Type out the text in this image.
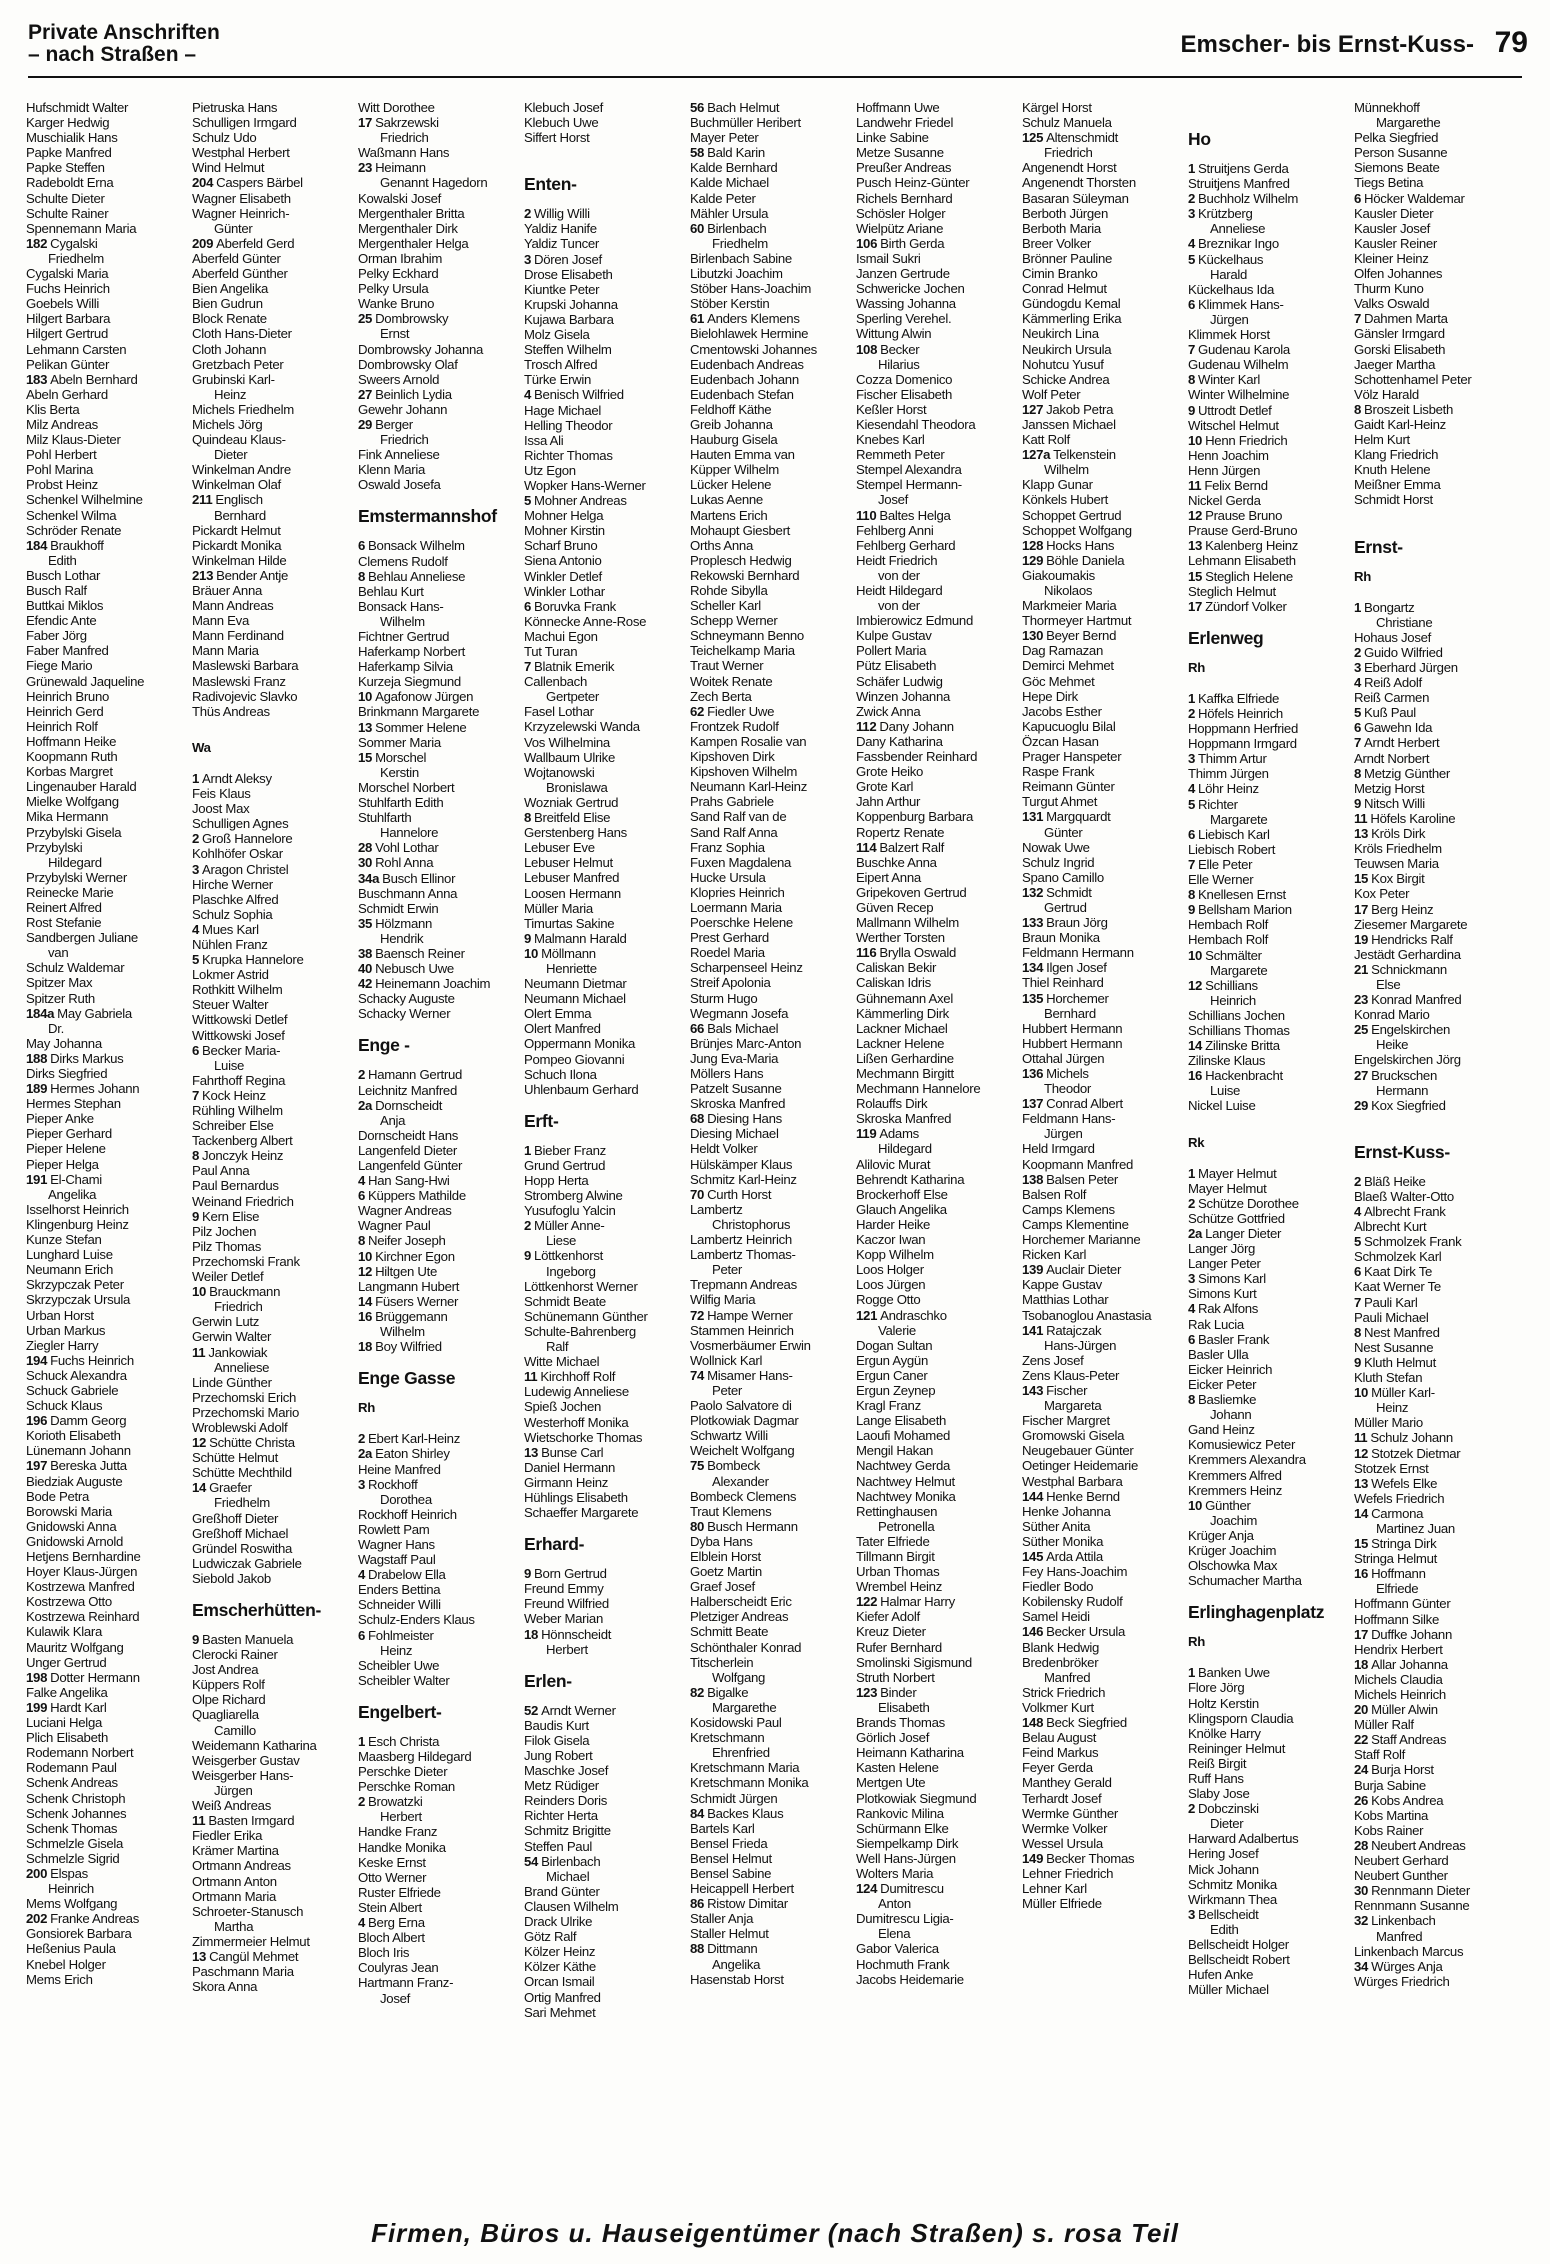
Private Anschriften
– nach Straßen –	Emscher- bis Ernst-Kuss- 79
Hufschmidt Walter
Karger Hedwig
Muschialik Hans
Papke Manfred
Papke Steffen
Radeboldt Erna
Schulte Dieter
Schulte Rainer
Spennemann Maria
182 Cygalski
Friedhelm
Cygalski Maria
Fuchs Heinrich
Goebels Willi
Hilgert Barbara
Hilgert Gertrud
Lehmann Carsten
Pelikan Günter
183 Abeln Bernhard
Abeln Gerhard
Klis Berta
Milz Andreas
Milz Klaus-Dieter
Pohl Herbert
Pohl Marina
Probst Heinz
Schenkel Wilhelmine
Schenkel Wilma
Schröder Renate
184 Braukhoff
Edith
Busch Lothar
Busch Ralf
Buttkai Miklos
Efendic Ante
Faber Jörg
Faber Manfred
Fiege Mario
Grünewald Jaqueline
Heinrich Bruno
Heinrich Gerd
Heinrich Rolf
Hoffmann Heike
Koopmann Ruth
Korbas Margret
Lingenauber Harald
Mielke Wolfgang
Mika Hermann
Przybylski Gisela
Przybylski
Hildegard
Przybylski Werner
Reinecke Marie
Reinert Alfred
Rost Stefanie
Sandbergen Juliane
van
Schulz Waldemar
Spitzer Max
Spitzer Ruth
184a May Gabriela
Dr.
May Johanna
188 Dirks Markus
Dirks Siegfried
189 Hermes Johann
Hermes Stephan
Pieper Anke
Pieper Gerhard
Pieper Helene
Pieper Helga
191 El-Chami
Angelika
Isselhorst Heinrich
Klingenburg Heinz
Kunze Stefan
Lunghard Luise
Neumann Erich
Skrzypczak Peter
Skrzypczak Ursula
Urban Horst
Urban Markus
Ziegler Harry
194 Fuchs Heinrich
Schuck Alexandra
Schuck Gabriele
Schuck Klaus
196 Damm Georg
Korioth Elisabeth
Lünemann Johann
197 Bereska Jutta
Biedziak Auguste
Bode Petra
Borowski Maria
Gnidowski Anna
Gnidowski Arnold
Hetjens Bernhardine
Hoyer Klaus-Jürgen
Kostrzewa Manfred
Kostrzewa Otto
Kostrzewa Reinhard
Kulawik Klara
Mauritz Wolfgang
Unger Gertrud
198 Dotter Hermann
Falke Angelika
199 Hardt Karl
Luciani Helga
Plich Elisabeth
Rodemann Norbert
Rodemann Paul
Schenk Andreas
Schenk Christoph
Schenk Johannes
Schenk Thomas
Schmelzle Gisela
Schmelzle Sigrid
200 Elspas
Heinrich
Mems Wolfgang
202 Franke Andreas
Gonsiorek Barbara
Heßenius Paula
Knebel Holger
Mems Erich
Pietruska Hans
Schulligen Irmgard
Schulz Udo
Westphal Herbert
Wind Helmut
204 Caspers Bärbel
Wagner Elisabeth
Wagner Heinrich-
Günter
209 Aberfeld Gerd
Aberfeld Günter
Aberfeld Günther
Bien Angelika
Bien Gudrun
Block Renate
Cloth Hans-Dieter
Cloth Johann
Gretzbach Peter
Grubinski Karl-
Heinz
Michels Friedhelm
Michels Jörg
Quindeau Klaus-
Dieter
Winkelman Andre
Winkelman Olaf
211 Englisch
Bernhard
Pickardt Helmut
Pickardt Monika
Winkelman Hilde
213 Bender Antje
Bräuer Anna
Mann Andreas
Mann Eva
Mann Ferdinand
Mann Maria
Maslewski Barbara
Maslewski Franz
Radivojevic Slavko
Thüs Andreas
Wa
1 Arndt Aleksy
Feis Klaus
Joost Max
Schulligen Agnes
2 Groß Hannelore
Kohlhöfer Oskar
3 Aragon Christel
Hirche Werner
Plaschke Alfred
Schulz Sophia
4 Mues Karl
Nühlen Franz
5 Krupka Hannelore
Lokmer Astrid
Rothkitt Wilhelm
Steuer Walter
Wittkowski Detlef
Wittkowski Josef
6 Becker Maria-
Luise
Fahrthoff Regina
7 Kock Heinz
Rühling Wilhelm
Schreiber Else
Tackenberg Albert
8 Jonczyk Heinz
Paul Anna
Paul Bernardus
Weinand Friedrich
9 Kern Elise
Pilz Jochen
Pilz Thomas
Przechomski Frank
Weiler Detlef
10 Brauckmann
Friedrich
Gerwin Lutz
Gerwin Walter
11 Jankowiak
Anneliese
Linde Günther
Przechomski Erich
Przechomski Mario
Wroblewski Adolf
12 Schütte Christa
Schütte Helmut
Schütte Mechthild
14 Graefer
Friedhelm
Greßhoff Dieter
Greßhoff Michael
Gründel Roswitha
Ludwiczak Gabriele
Siebold Jakob
Emscherhütten-
9 Basten Manuela
Clerocki Rainer
Jost Andrea
Küppers Rolf
Olpe Richard
Quagliarella
Camillo
Weidemann Katharina
Weisgerber Gustav
Weisgerber Hans-
Jürgen
Weiß Andreas
11 Basten Irmgard
Fiedler Erika
Krämer Martina
Ortmann Andreas
Ortmann Anton
Ortmann Maria
Schroeter-Stanusch
Martha
Zimmermeier Helmut
13 Cangül Mehmet
Paschmann Maria
Skora Anna
Witt Dorothee
17 Sakrzewski
Friedrich
Waßmann Hans
23 Heimann
Genannt Hagedorn
Kowalski Josef
Mergenthaler Britta
Mergenthaler Dirk
Mergenthaler Helga
Orman Ibrahim
Pelky Eckhard
Pelky Ursula
Wanke Bruno
25 Dombrowsky
Ernst
Dombrowsky Johanna
Dombrowsky Olaf
Sweers Arnold
27 Beinlich Lydia
Gewehr Johann
29 Berger
Friedrich
Fink Anneliese
Klenn Maria
Oswald Josefa
Emstermannshof
6 Bonsack Wilhelm
Clemens Rudolf
8 Behlau Anneliese
Behlau Kurt
Bonsack Hans-
Wilhelm
Fichtner Gertrud
Haferkamp Norbert
Haferkamp Silvia
Kurzeja Siegmund
10 Agafonow Jürgen
Brinkmann Margarete
13 Sommer Helene
Sommer Maria
15 Morschel
Kerstin
Morschel Norbert
Stuhlfarth Edith
Stuhlfarth
Hannelore
28 Vohl Lothar
30 Rohl Anna
34a Busch Ellinor
Buschmann Anna
Schmidt Erwin
35 Hölzmann
Hendrik
38 Baensch Reiner
40 Nebusch Uwe
42 Heinemann Joachim
Schacky Auguste
Schacky Werner
Enge -
2 Hamann Gertrud
Leichnitz Manfred
2a Dornscheidt
Anja
Dornscheidt Hans
Langenfeld Dieter
Langenfeld Günter
4 Han Sang-Hwi
6 Küppers Mathilde
Wagner Andreas
Wagner Paul
8 Neifer Joseph
10 Kirchner Egon
12 Hiltgen Ute
Langmann Hubert
14 Füsers Werner
16 Brüggemann
Wilhelm
18 Boy Wilfried
Enge Gasse
Rh
2 Ebert Karl-Heinz
2a Eaton Shirley
Heine Manfred
3 Rockhoff
Dorothea
Rockhoff Heinrich
Rowlett Pam
Wagner Hans
Wagstaff Paul
4 Drabelow Ella
Enders Bettina
Schneider Willi
Schulz-Enders Klaus
6 Fohlmeister
Heinz
Scheibler Uwe
Scheibler Walter
Engelbert-
1 Esch Christa
Maasberg Hildegard
Perschke Dieter
Perschke Roman
2 Browatzki
Herbert
Handke Franz
Handke Monika
Keske Ernst
Otto Werner
Ruster Elfriede
Stein Albert
4 Berg Erna
Bloch Albert
Bloch Iris
Coulyras Jean
Hartmann Franz-
Josef
Klebuch Josef
Klebuch Uwe
Siffert Horst
Enten-
2 Willig Willi
Yaldiz Hanife
Yaldiz Tuncer
3 Dören Josef
Drose Elisabeth
Kiuntke Peter
Krupski Johanna
Kujawa Barbara
Molz Gisela
Steffen Wilhelm
Trosch Alfred
Türke Erwin
4 Benisch Wilfried
Hage Michael
Helling Theodor
Issa Ali
Richter Thomas
Utz Egon
Wopker Hans-Werner
5 Mohner Andreas
Mohner Helga
Mohner Kirstin
Scharf Bruno
Siena Antonio
Winkler Detlef
Winkler Lothar
6 Boruvka Frank
Könnecke Anne-Rose
Machui Egon
Tut Turan
7 Blatnik Emerik
Callenbach
Gertpeter
Fasel Lothar
Krzyzelewski Wanda
Vos Wilhelmina
Wallbaum Ulrike
Wojtanowski
Bronislawa
Wozniak Gertrud
8 Breitfeld Elise
Gerstenberg Hans
Lebuser Eve
Lebuser Helmut
Lebuser Manfred
Loosen Hermann
Müller Maria
Timurtas Sakine
9 Malmann Harald
10 Möllmann
Henriette
Neumann Dietmar
Neumann Michael
Olert Emma
Olert Manfred
Oppermann Monika
Pompeo Giovanni
Schuch Ilona
Uhlenbaum Gerhard
Erft-
1 Bieber Franz
Grund Gertrud
Hopp Herta
Stromberg Alwine
Yusufoglu Yalcin
2 Müller Anne-
Liese
9 Löttkenhorst
Ingeborg
Löttkenhorst Werner
Schmidt Beate
Schünemann Günther
Schulte-Bahrenberg
Ralf
Witte Michael
11 Kirchhoff Rolf
Ludewig Anneliese
Spieß Jochen
Westerhoff Monika
Wietschorke Thomas
13 Bunse Carl
Daniel Hermann
Girmann Heinz
Hühlings Elisabeth
Schaeffer Margarete
Erhard-
9 Born Gertrud
Freund Emmy
Freund Wilfried
Weber Marian
18 Hönnscheidt
Herbert
Erlen-
52 Arndt Werner
Baudis Kurt
Filok Gisela
Jung Robert
Maschke Josef
Metz Rüdiger
Reinders Doris
Richter Herta
Schmitz Brigitte
Steffen Paul
54 Birlenbach
Michael
Brand Günter
Clausen Wilhelm
Drack Ulrike
Götz Ralf
Kölzer Heinz
Kölzer Käthe
Orcan Ismail
Ortig Manfred
Sari Mehmet
56 Bach Helmut
Buchmüller Heribert
Mayer Peter
58 Bald Karin
Kalde Bernhard
Kalde Michael
Kalde Peter
Mähler Ursula
60 Birlenbach
Friedhelm
Birlenbach Sabine
Libutzki Joachim
Stöber Hans-Joachim
Stöber Kerstin
61 Anders Klemens
Bielohlawek Hermine
Cmentowski Johannes
Eudenbach Andreas
Eudenbach Johann
Eudenbach Stefan
Feldhoff Käthe
Greib Johanna
Hauburg Gisela
Hauten Emma van
Küpper Wilhelm
Lücker Helene
Lukas Aenne
Martens Erich
Mohaupt Giesbert
Orths Anna
Proplesch Hedwig
Rekowski Bernhard
Rohde Sibylla
Scheller Karl
Schepp Werner
Schneymann Benno
Teichelkamp Maria
Traut Werner
Woitek Renate
Zech Berta
62 Fiedler Uwe
Frontzek Rudolf
Kampen Rosalie van
Kipshoven Dirk
Kipshoven Wilhelm
Neumann Karl-Heinz
Prahs Gabriele
Sand Ralf van de
Sand Ralf Anna
Franz Sophia
Fuxen Magdalena
Hucke Ursula
Klopries Heinrich
Loermann Maria
Poerschke Helene
Prest Gerhard
Roedel Maria
Scharpenseel Heinz
Streif Apolonia
Sturm Hugo
Wegmann Josefa
66 Bals Michael
Brünjes Marc-Anton
Jung Eva-Maria
Möllers Hans
Patzelt Susanne
Skroska Manfred
68 Diesing Hans
Diesing Michael
Heldt Volker
Hülskämper Klaus
Schmitz Karl-Heinz
70 Curth Horst
Lambertz
Christophorus
Lambertz Heinrich
Lambertz Thomas-
Peter
Trepmann Andreas
Wilfig Maria
72 Hampe Werner
Stammen Heinrich
Vosmerbäumer Erwin
Wollnick Karl
74 Misamer Hans-
Peter
Paolo Salvatore di
Plotkowiak Dagmar
Schwartz Willi
Weichelt Wolfgang
75 Bombeck
Alexander
Bombeck Clemens
Traut Klemens
80 Busch Hermann
Dyba Hans
Elblein Horst
Goetz Martin
Graef Josef
Halberscheidt Eric
Pletziger Andreas
Schmitt Beate
Schönthaler Konrad
Titscherlein
Wolfgang
82 Bigalke
Margarethe
Kosidowski Paul
Kretschmann
Ehrenfried
Kretschmann Maria
Kretschmann Monika
Schmidt Jürgen
84 Backes Klaus
Bartels Karl
Bensel Frieda
Bensel Helmut
Bensel Sabine
Heicappell Herbert
86 Ristow Dimitar
Staller Anja
Staller Helmut
88 Dittmann
Angelika
Hasenstab Horst
Hoffmann Uwe
Landwehr Friedel
Linke Sabine
Metze Susanne
Preußer Andreas
Pusch Heinz-Günter
Richels Bernhard
Schösler Holger
Wielpütz Ariane
106 Birth Gerda
Ismail Sukri
Janzen Gertrude
Schwericke Jochen
Wassing Johanna
Sperling Verehel.
Wittung Alwin
108 Becker
Hilarius
Cozza Domenico
Fischer Elisabeth
Keßler Horst
Kiesendahl Theodora
Knebes Karl
Remmeth Peter
Stempel Alexandra
Stempel Hermann-
Josef
110 Baltes Helga
Fehlberg Anni
Fehlberg Gerhard
Heidt Friedrich
von der
Heidt Hildegard
von der
Imbierowicz Edmund
Kulpe Gustav
Pollert Maria
Pütz Elisabeth
Schäfer Ludwig
Winzen Johanna
Zwick Anna
112 Dany Johann
Dany Katharina
Fassbender Reinhard
Grote Heiko
Grote Karl
Jahn Arthur
Koppenburg Barbara
Ropertz Renate
114 Balzert Ralf
Buschke Anna
Eipert Anna
Gripekoven Gertrud
Güven Recep
Mallmann Wilhelm
Werther Torsten
116 Brylla Oswald
Caliskan Bekir
Caliskan Idris
Gühnemann Axel
Kämmerling Dirk
Lackner Michael
Lackner Helene
Lißen Gerhardine
Mechmann Birgitt
Mechmann Hannelore
Rolauffs Dirk
Skroska Manfred
119 Adams
Hildegard
Alilovic Murat
Behrendt Katharina
Brockerhoff Else
Glauch Angelika
Harder Heike
Kaczor Iwan
Kopp Wilhelm
Loos Holger
Loos Jürgen
Rogge Otto
121 Andraschko
Valerie
Dogan Sultan
Ergun Aygün
Ergun Caner
Ergun Zeynep
Kragl Franz
Lange Elisabeth
Laoufi Mohamed
Mengil Hakan
Nachtwey Gerda
Nachtwey Helmut
Nachtwey Monika
Rettinghausen
Petronella
Tater Elfriede
Tillmann Birgit
Urban Thomas
Wrembel Heinz
122 Halmar Harry
Kiefer Adolf
Kreuz Dieter
Rufer Bernhard
Smolinski Sigismund
Struth Norbert
123 Binder
Elisabeth
Brands Thomas
Görlich Josef
Heimann Katharina
Kasten Helene
Mertgen Ute
Plotkowiak Siegmund
Rankovic Milina
Schürmann Elke
Siempelkamp Dirk
Well Hans-Jürgen
Wolters Maria
124 Dumitrescu
Anton
Dumitrescu Ligia-
Elena
Gabor Valerica
Hochmuth Frank
Jacobs Heidemarie
Kärgel Horst
Schulz Manuela
125 Altenschmidt
Friedrich
Angenendt Horst
Angenendt Thorsten
Basaran Süleyman
Berboth Jürgen
Berboth Maria
Breer Volker
Brönner Pauline
Cimin Branko
Conrad Helmut
Gündogdu Kemal
Kämmerling Erika
Neukirch Lina
Neukirch Ursula
Nohutcu Yusuf
Schicke Andrea
Wolf Peter
127 Jakob Petra
Janssen Michael
Katt Rolf
127a Telkenstein
Wilhelm
Klapp Gunar
Könkels Hubert
Schoppet Gertrud
Schoppet Wolfgang
128 Hocks Hans
129 Böhle Daniela
Giakoumakis
Nikolaos
Markmeier Maria
Thormeyer Hartmut
130 Beyer Bernd
Dag Ramazan
Demirci Mehmet
Göc Mehmet
Hepe Dirk
Jacobs Esther
Kapucuoglu Bilal
Özcan Hasan
Prager Hanspeter
Raspe Frank
Reimann Günter
Turgut Ahmet
131 Margquardt
Günter
Nowak Uwe
Schulz Ingrid
Spano Camillo
132 Schmidt
Gertrud
133 Braun Jörg
Braun Monika
Feldmann Hermann
134 Ilgen Josef
Thiel Reinhard
135 Horchemer
Bernhard
Hubbert Hermann
Hubbert Hermann
Ottahal Jürgen
136 Michels
Theodor
137 Conrad Albert
Feldmann Hans-
Jürgen
Held Irmgard
Koopmann Manfred
138 Balsen Peter
Balsen Rolf
Camps Klemens
Camps Klementine
Horchemer Marianne
Ricken Karl
139 Auclair Dieter
Kappe Gustav
Matthias Lothar
Tsobanoglou Anastasia
141 Ratajczak
Hans-Jürgen
Zens Josef
Zens Klaus-Peter
143 Fischer
Margareta
Fischer Margret
Gromowski Gisela
Neugebauer Günter
Oetinger Heidemarie
Westphal Barbara
144 Henke Bernd
Henke Johanna
Süther Anita
Süther Monika
145 Arda Attila
Fey Hans-Joachim
Fiedler Bodo
Kobilensky Rudolf
Samel Heidi
146 Becker Ursula
Blank Hedwig
Bredenbröker
Manfred
Strick Friedrich
Volkmer Kurt
148 Beck Siegfried
Belau August
Feind Markus
Feyer Gerda
Manthey Gerald
Terhardt Josef
Wermke Günther
Wermke Volker
Wessel Ursula
149 Becker Thomas
Lehner Friedrich
Lehner Karl
Müller Elfriede
Ho
1 Struitjens Gerda
Struitjens Manfred
2 Buchholz Wilhelm
3 Krützberg
Anneliese
4 Breznikar Ingo
5 Kückelhaus
Harald
Kückelhaus Ida
6 Klimmek Hans-
Jürgen
Klimmek Horst
7 Gudenau Karola
Gudenau Wilhelm
8 Winter Karl
Winter Wilhelmine
9 Uttrodt Detlef
Witschel Helmut
10 Henn Friedrich
Henn Joachim
Henn Jürgen
11 Felix Bernd
Nickel Gerda
12 Prause Bruno
Prause Gerd-Bruno
13 Kalenberg Heinz
Lehmann Elisabeth
15 Steglich Helene
Steglich Helmut
17 Zündorf Volker
Erlenweg
Rh
1 Kaffka Elfriede
2 Höfels Heinrich
Hoppmann Herfried
Hoppmann Irmgard
3 Thimm Artur
Thimm Jürgen
4 Löhr Heinz
5 Richter
Margarete
6 Liebisch Karl
Liebisch Robert
7 Elle Peter
Elle Werner
8 Knellesen Ernst
9 Bellsham Marion
Hembach Rolf
Hembach Rolf
10 Schmälter
Margarete
12 Schillians
Heinrich
Schillians Jochen
Schillians Thomas
14 Zilinske Britta
Zilinske Klaus
16 Hackenbracht
Luise
Nickel Luise
Rk
1 Mayer Helmut
Mayer Helmut
2 Schütze Dorothee
Schütze Gottfried
2a Langer Dieter
Langer Jörg
Langer Peter
3 Simons Karl
Simons Kurt
4 Rak Alfons
Rak Lucia
6 Basler Frank
Basler Ulla
Eicker Heinrich
Eicker Peter
8 Basliemke
Johann
Gand Heinz
Komusiewicz Peter
Kremmers Alexandra
Kremmers Alfred
Kremmers Heinz
10 Günther
Joachim
Krüger Anja
Krüger Joachim
Olschowka Max
Schumacher Martha
Erlinghagenplatz
Rh
1 Banken Uwe
Flore Jörg
Holtz Kerstin
Klingsporn Claudia
Knölke Harry
Reininger Helmut
Reiß Birgit
Ruff Hans
Slaby Jose
2 Dobczinski
Dieter
Harward Adalbertus
Hering Josef
Mick Johann
Schmitz Monika
Wirkmann Thea
3 Bellscheidt
Edith
Bellscheidt Holger
Bellscheidt Robert
Hufen Anke
Müller Michael
Münnekhoff
Margarethe
Pelka Siegfried
Person Susanne
Siemons Beate
Tiegs Betina
6 Höcker Waldemar
Kausler Dieter
Kausler Josef
Kausler Reiner
Kleiner Heinz
Olfen Johannes
Thurm Kuno
Valks Oswald
7 Dahmen Marta
Gänsler Irmgard
Gorski Elisabeth
Jaeger Martha
Schottenhamel Peter
Völz Harald
8 Broszeit Lisbeth
Gaidt Karl-Heinz
Helm Kurt
Klang Friedrich
Knuth Helene
Meißner Emma
Schmidt Horst
Ernst-
Rh
1 Bongartz
Christiane
Hohaus Josef
2 Guido Wilfried
3 Eberhard Jürgen
4 Reiß Adolf
Reiß Carmen
5 Kuß Paul
6 Gawehn Ida
7 Arndt Herbert
Arndt Norbert
8 Metzig Günther
Metzig Horst
9 Nitsch Willi
11 Höfels Karoline
13 Kröls Dirk
Kröls Friedhelm
Teuwsen Maria
15 Kox Birgit
Kox Peter
17 Berg Heinz
Ziesemer Margarete
19 Hendricks Ralf
Jestädt Gerhardina
21 Schnickmann
Else
23 Konrad Manfred
Konrad Mario
25 Engelskirchen
Heike
Engelskirchen Jörg
27 Bruckschen
Hermann
29 Kox Siegfried
Ernst-Kuss-
2 Bläß Heike
Blaeß Walter-Otto
4 Albrecht Frank
Albrecht Kurt
5 Schmolzek Frank
Schmolzek Karl
6 Kaat Dirk Te
Kaat Werner Te
7 Pauli Karl
Pauli Michael
8 Nest Manfred
Nest Susanne
9 Kluth Helmut
Kluth Stefan
10 Müller Karl-
Heinz
Müller Mario
11 Schulz Johann
12 Stotzek Dietmar
Stotzek Ernst
13 Wefels Elke
Wefels Friedrich
14 Carmona
Martinez Juan
15 Stringa Dirk
Stringa Helmut
16 Hoffmann
Elfriede
Hoffmann Günter
Hoffmann Silke
17 Duffke Johann
Hendrix Herbert
18 Allar Johanna
Michels Claudia
Michels Heinrich
20 Müller Alwin
Müller Ralf
22 Staff Andreas
Staff Rolf
24 Burja Horst
Burja Sabine
26 Kobs Andrea
Kobs Martina
Kobs Rainer
28 Neubert Andreas
Neubert Gerhard
Neubert Gunther
30 Rennmann Dieter
Rennmann Susanne
32 Linkenbach
Manfred
Linkenbach Marcus
34 Würges Anja
Würges Friedrich
Firmen, Büros u. Hauseigentümer (nach Straßen) s. rosa Teil
